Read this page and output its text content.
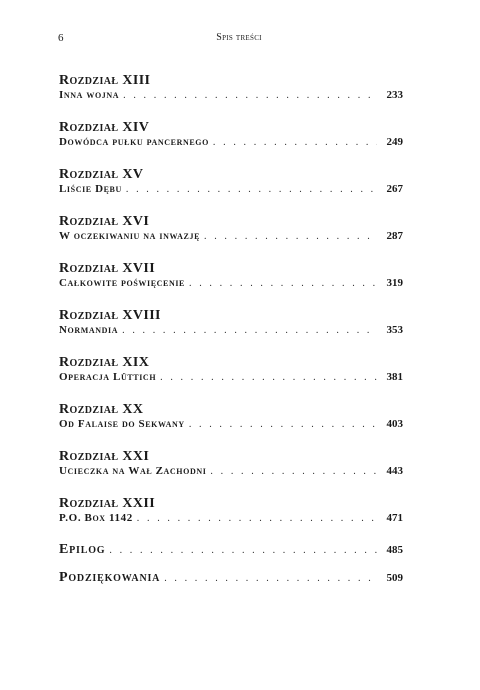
6	Spis treści
Rozdział XIII
Inna wojna . . .	233
Rozdział XIV
Dowódca pułku pancernego . . .	249
Rozdział XV
Liście Dębu . . .	267
Rozdział XVI
W oczekiwaniu na inwazję . . .	287
Rozdział XVII
Całkowite poświęcenie . . .	319
Rozdział XVIII
Normandia . . .	353
Rozdział XIX
Operacja Lüttich . . .	381
Rozdział XX
Od Falaise do Sekwany . . .	403
Rozdział XXI
Ucieczka na Wał Zachodni . . .	443
Rozdział XXII
P.O. Box 1142 . . .	471
Epilog . . .	485
Podziękowania . . .	509
